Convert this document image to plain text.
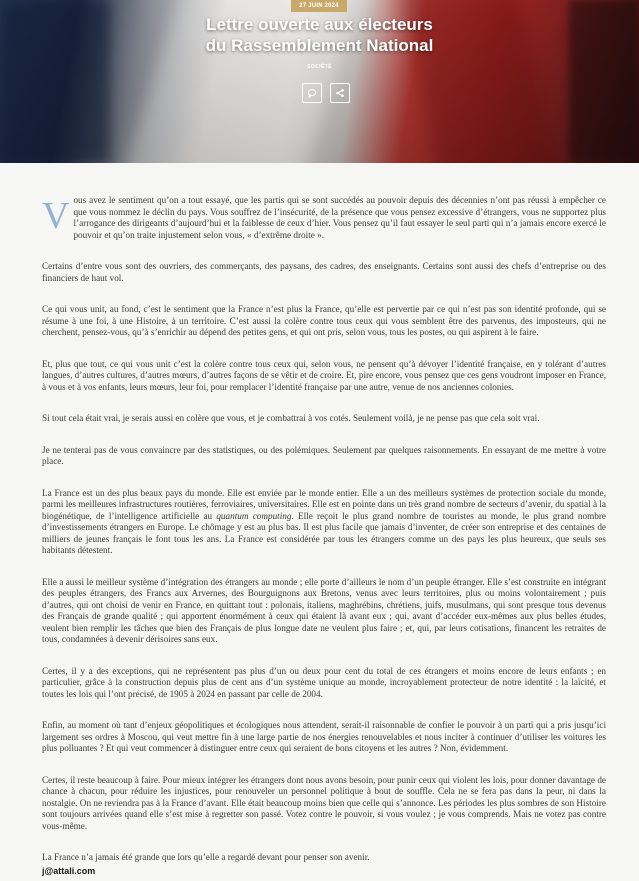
27 JUIN 2024
Lettre ouverte aux électeurs
du Rassemblement National
SOCIÉTÉ

Vous avez le sentiment qu’on a tout essayé, que les partis qui se sont succédés au pouvoir depuis des décennies n’ont pas réussi à empêcher ce que vous nommez le déclin du pays. Vous souffrez de l’insécurité, de la présence que vous pensez excessive d’étrangers, vous ne supportez plus l’arrogance des dirigeants d’aujourd’hui et la faiblesse de ceux d’hier. Vous pensez qu’il faut essayer le seul parti qui n’a jamais encore exercé le pouvoir et qu’on traite injustement selon vous, « d’extrême droite ».

Certains d’entre vous sont des ouvriers, des commerçants, des paysans, des cadres, des enseignants. Certains sont aussi des chefs d’entreprise ou des financiers de haut vol.

Ce qui vous unit, au fond, c’est le sentiment que la France n’est plus la France, qu’elle est pervertie par ce qui n’est pas son identité profonde, qui se résume à une foi, à une Histoire, à un territoire. C’est aussi la colère contre tous ceux qui vous semblent être des parvenus, des imposteurs, qui ne cherchent, pensez-vous, qu’à s’enrichir au dépend des petites gens, et qui ont pris, selon vous, tous les postes, ou qui aspirent à le faire.

Et, plus que tout, ce qui vous unit c’est la colère contre tous ceux qui, selon vous, ne pensent qu’à dévoyer l’identité française, en y tolérant d’autres langues, d’autres cultures, d’autres mœurs, d’autres façons de se vêtir et de croire. Et, pire encore, vous pensez que ces gens voudront imposer en France, à vous et à vos enfants, leurs mœurs, leur foi, pour remplacer l’identité française par une autre, venue de nos anciennes colonies.

Si tout cela était vrai, je serais aussi en colère que vous, et je combattrai à vos cotés. Seulement voilà, je ne pense pas que cela soit vrai.

Je ne tenterai pas de vous convaincre par des statistiques, ou des polémiques. Seulement par quelques raisonnements. En essayant de me mettre à votre place.

La France est un des plus beaux pays du monde. Elle est enviée par le monde entier. Elle a un des meilleurs systèmes de protection sociale du monde, parmi les meilleures infrastructures routières, ferroviaires, universitaires. Elle est en pointe dans un très grand nombre de secteurs d’avenir, du spatial à la biogénétique, de l’intelligence artificielle au quantum computing. Elle reçoit le plus grand nombre de touristes au monde, le plus grand nombre d’investissements étrangers en Europe. Le chômage y est au plus bas. Il est plus facile que jamais d’inventer, de créer son entreprise et des centaines de milliers de jeunes français le font tous les ans. La France est considérée par tous les étrangers comme un des pays les plus heureux, que seuls ses habitants détestent.

Elle a aussi le meilleur système d’intégration des étrangers au monde ; elle porte d’ailleurs le nom d’un peuple étranger. Elle s’est construite en intégrant des peuples étrangers, des Francs aux Arvernes, des Bourguignons aux Bretons, venus avec leurs territoires, plus ou moins volontairement ; puis d’autres, qui ont choisi de venir en France, en quittant tout : polonais, italiens, maghrébins, chrétiens, juifs, musulmans, qui sont presque tous devenus des Français de grande qualité ; qui apportent énormément à ceux qui étaient là avant eux ; qui, avant d’accéder eux-mêmes aux plus belles études, veulent bien remplir les tâches que bien des Français de plus longue date ne veulent plus faire ; et, qui, par leurs cotisations, financent les retraites de tous, condamnées à devenir dérisoires sans eux.

Certes, il y a des exceptions, qui ne représentent pas plus d’un ou deux pour cent du total de ces étrangers et moins encore de leurs enfants ; en particulier, grâce à la construction depuis plus de cent ans d’un système unique au monde, incroyablement protecteur de notre identité : la laïcité, et toutes les lois qui l’ont précisé, de 1905 à 2024 en passant par celle de 2004.

Enfin, au moment où tant d’enjeux géopolitiques et écologiques nous attendent, serait-il raisonnable de confier le pouvoir à un parti qui a pris jusqu’ici largement ses ordres à Moscou, qui veut mettre fin à une large partie de nos énergies renouvelables et nous inciter à continuer d’utiliser les voitures les plus polluantes ? Et qui veut commencer à distinguer entre ceux qui seraient de bons citoyens et les autres ? Non, évidemment.

Certes, il reste beaucoup à faire. Pour mieux intégrer les étrangers dont nous avons besoin, pour punir ceux qui violent les lois, pour donner davantage de chance à chacun, pour réduire les injustices, pour renouveler un personnel politique à bout de souffle. Cela ne se fera pas dans la peur, ni dans la nostalgie. On ne reviendra pas à la France d’avant. Elle était beaucoup moins bien que celle qui s’annonce. Les périodes les plus sombres de son Histoire sont toujours arrivées quand elle s’est mise à regretter son passé. Votez contre le pouvoir, si vous voulez ; je vous comprends. Mais ne votez pas contre vous-même.

La France n’a jamais été grande que lors qu’elle a regardé devant pour penser son avenir.

j@attali.com
